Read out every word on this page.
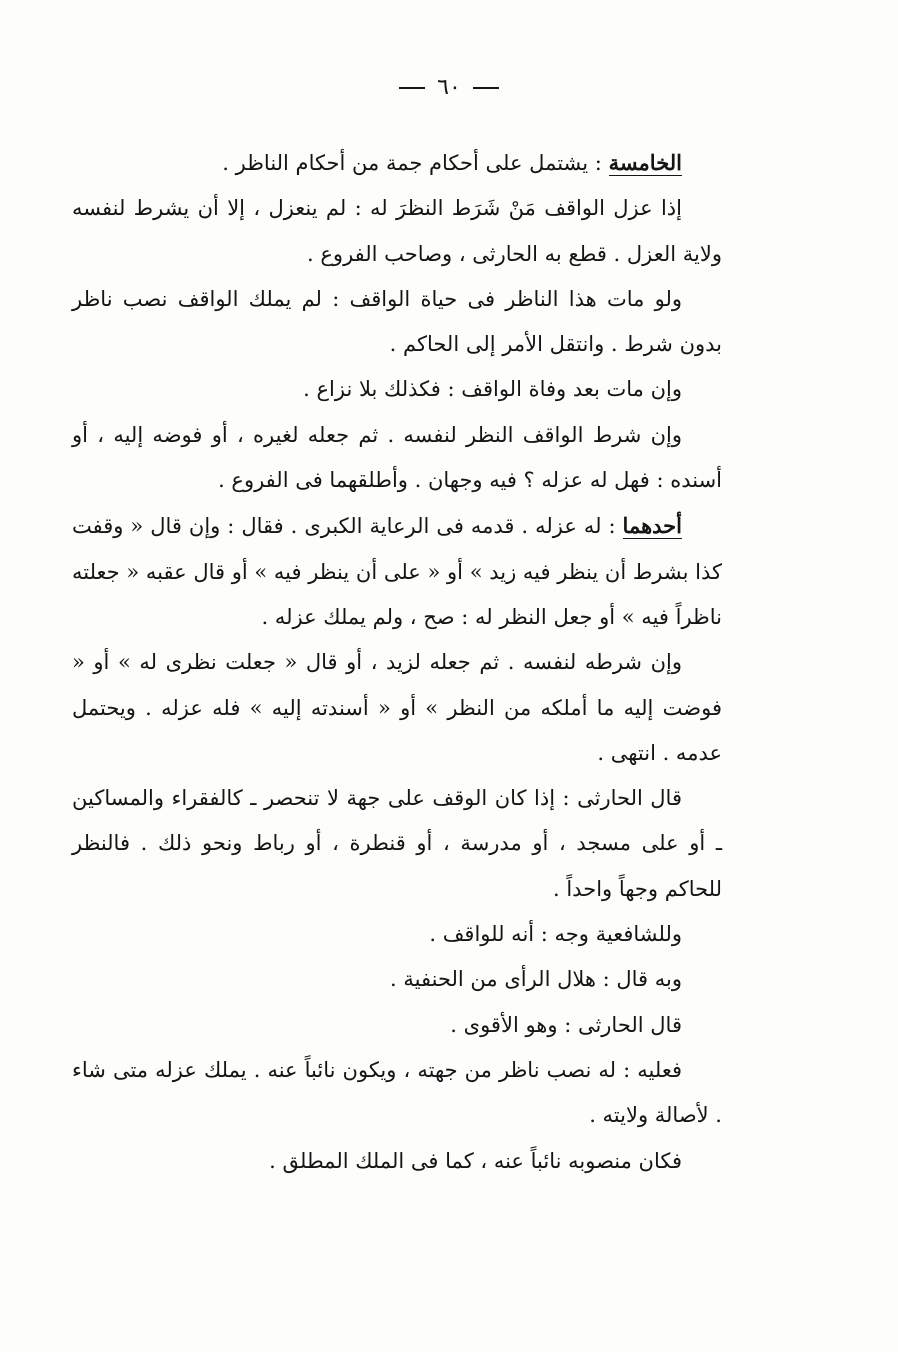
٦٠

الخامسة : يشتمل على أحكام جمة من أحكام الناظر .

إذا عزل الواقف مَنْ شَرَط النظرَ له : لم ينعزل ، إلا أن يشرط لنفسه ولاية العزل . قطع به الحارثى ، وصاحب الفروع .

ولو مات هذا الناظر فى حياة الواقف : لم يملك الواقف نصب ناظر بدون شرط . وانتقل الأمر إلى الحاكم .

وإن مات بعد وفاة الواقف : فكذلك بلا نزاع .

وإن شرط الواقف النظر لنفسه . ثم جعله لغيره ، أو فوضه إليه ، أو أسنده : فهل له عزله ؟ فيه وجهان . وأطلقهما فى الفروع .

أحدهما : له عزله . قدمه فى الرعاية الكبرى . فقال : وإن قال « وقفت كذا بشرط أن ينظر فيه زيد » أو « على أن ينظر فيه » أو قال عقبه « جعلته ناظراً فيه » أو جعل النظر له : صح ، ولم يملك عزله .

وإن شرطه لنفسه . ثم جعله لزيد ، أو قال « جعلت نظرى له » أو « فوضت إليه ما أملكه من النظر » أو « أسندته إليه » فله عزله . ويحتمل عدمه . انتهى .

قال الحارثى : إذا كان الوقف على جهة لا تنحصر ـ كالفقراء والمساكين ـ أو على مسجد ، أو مدرسة ، أو قنطرة ، أو رباط ونحو ذلك . فالنظر للحاكم وجهاً واحداً .

وللشافعية وجه : أنه للواقف .

وبه قال : هلال الرأى من الحنفية .

قال الحارثى : وهو الأقوى .

فعليه : له نصب ناظر من جهته ، ويكون نائباً عنه . يملك عزله متى شاء . لأصالة ولايته .

فكان منصوبه نائباً عنه ، كما فى الملك المطلق .
